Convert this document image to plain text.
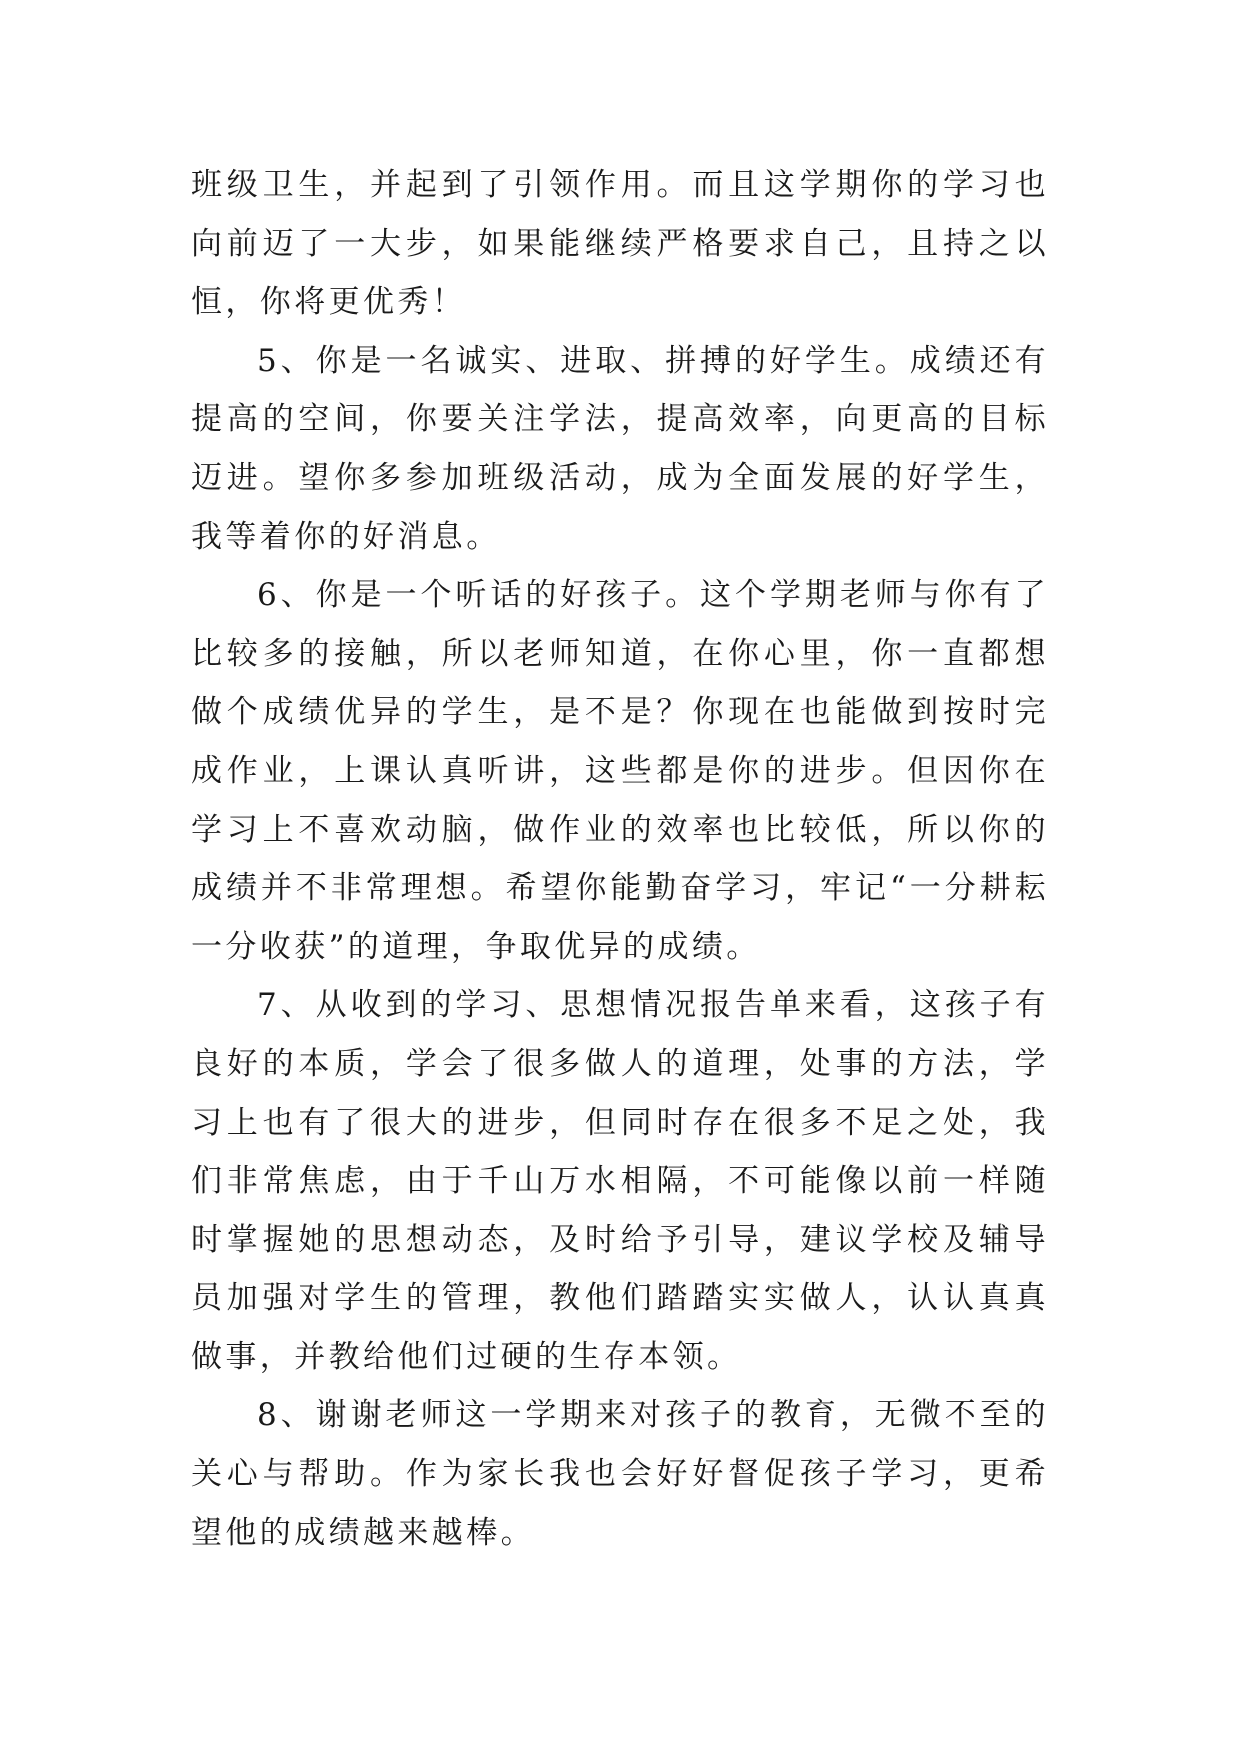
班级卫生，并起到了引领作用。而且这学期你的学习也向前迈了一大步，如果能继续严格要求自己，且持之以恒，你将更优秀！

5、你是一名诚实、进取、拼搏的好学生。成绩还有提高的空间，你要关注学法，提高效率，向更高的目标迈进。望你多参加班级活动，成为全面发展的好学生，我等着你的好消息。

6、你是一个听话的好孩子。这个学期老师与你有了比较多的接触，所以老师知道，在你心里，你一直都想做个成绩优异的学生，是不是？你现在也能做到按时完成作业，上课认真听讲，这些都是你的进步。但因你在学习上不喜欢动脑，做作业的效率也比较低，所以你的成绩并不非常理想。希望你能勤奋学习，牢记“一分耕耘一分收获”的道理，争取优异的成绩。

7、从收到的学习、思想情况报告单来看，这孩子有良好的本质，学会了很多做人的道理，处事的方法，学习上也有了很大的进步，但同时存在很多不足之处，我们非常焦虑，由于千山万水相隔，不可能像以前一样随时掌握她的思想动态，及时给予引导，建议学校及辅导员加强对学生的管理，教他们踏踏实实做人，认认真真做事，并教给他们过硬的生存本领。

8、谢谢老师这一学期来对孩子的教育，无微不至的关心与帮助。作为家长我也会好好督促孩子学习，更希望他的成绩越来越棒。
